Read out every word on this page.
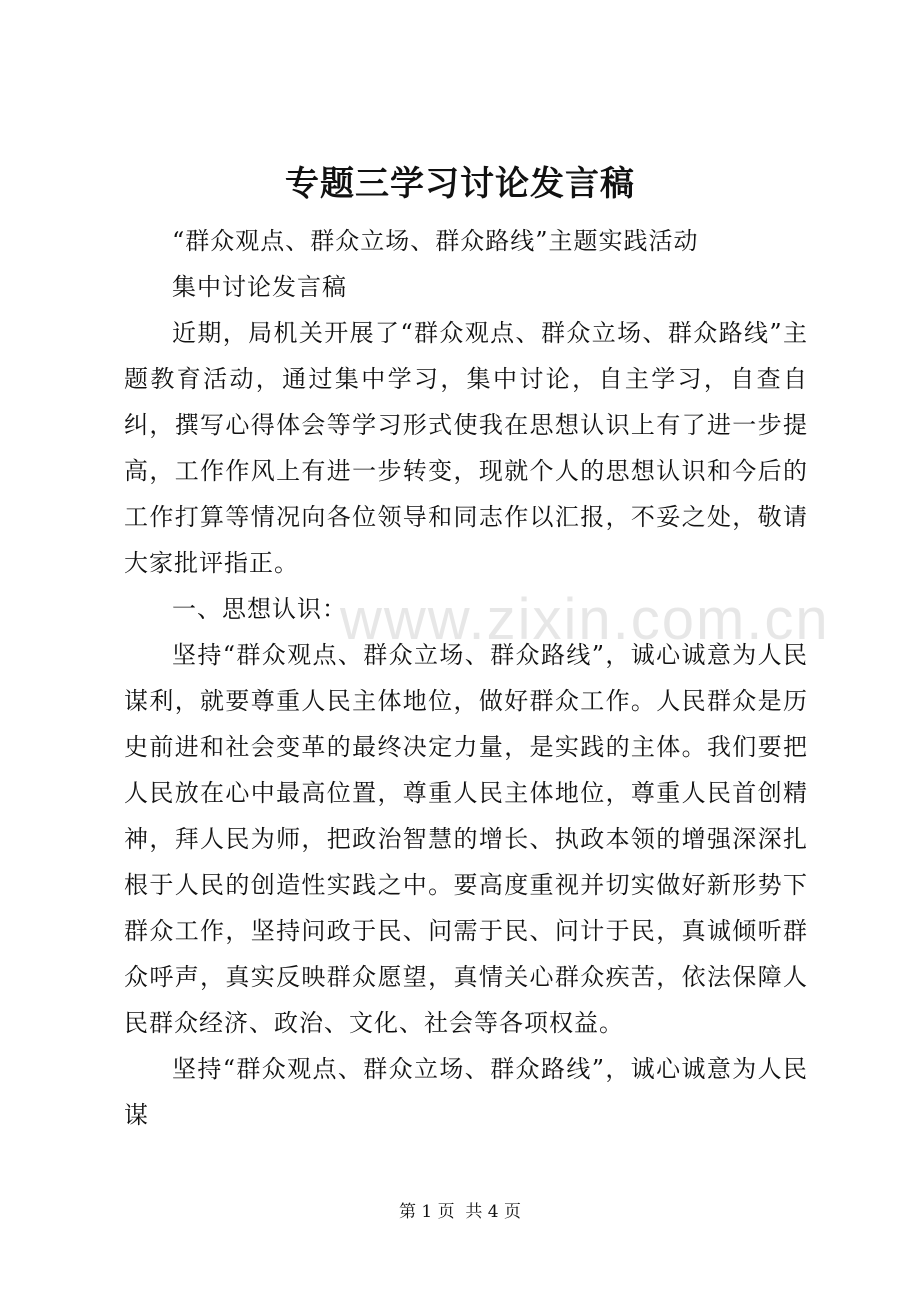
专题三学习讨论发言稿

“群众观点、群众立场、群众路线”主题实践活动

集中讨论发言稿

近期，局机关开展了“群众观点、群众立场、群众路线”主题教育活动，通过集中学习，集中讨论，自主学习，自查自纠，撰写心得体会等学习形式使我在思想认识上有了进一步提高，工作作风上有进一步转变，现就个人的思想认识和今后的工作打算等情况向各位领导和同志作以汇报，不妥之处，敬请大家批评指正。

一、思想认识：

坚持“群众观点、群众立场、群众路线”，诚心诚意为人民谋利，就要尊重人民主体地位，做好群众工作。人民群众是历史前进和社会变革的最终决定力量，是实践的主体。我们要把人民放在心中最高位置，尊重人民主体地位，尊重人民首创精神，拜人民为师，把政治智慧的增长、执政本领的增强深深扎根于人民的创造性实践之中。要高度重视并切实做好新形势下群众工作，坚持问政于民、问需于民、问计于民，真诚倾听群众呼声，真实反映群众愿望，真情关心群众疾苦，依法保障人民群众经济、政治、文化、社会等各项权益。

坚持“群众观点、群众立场、群众路线”，诚心诚意为人民谋

www.zixin.com.cn
第 1 页  共 4 页
